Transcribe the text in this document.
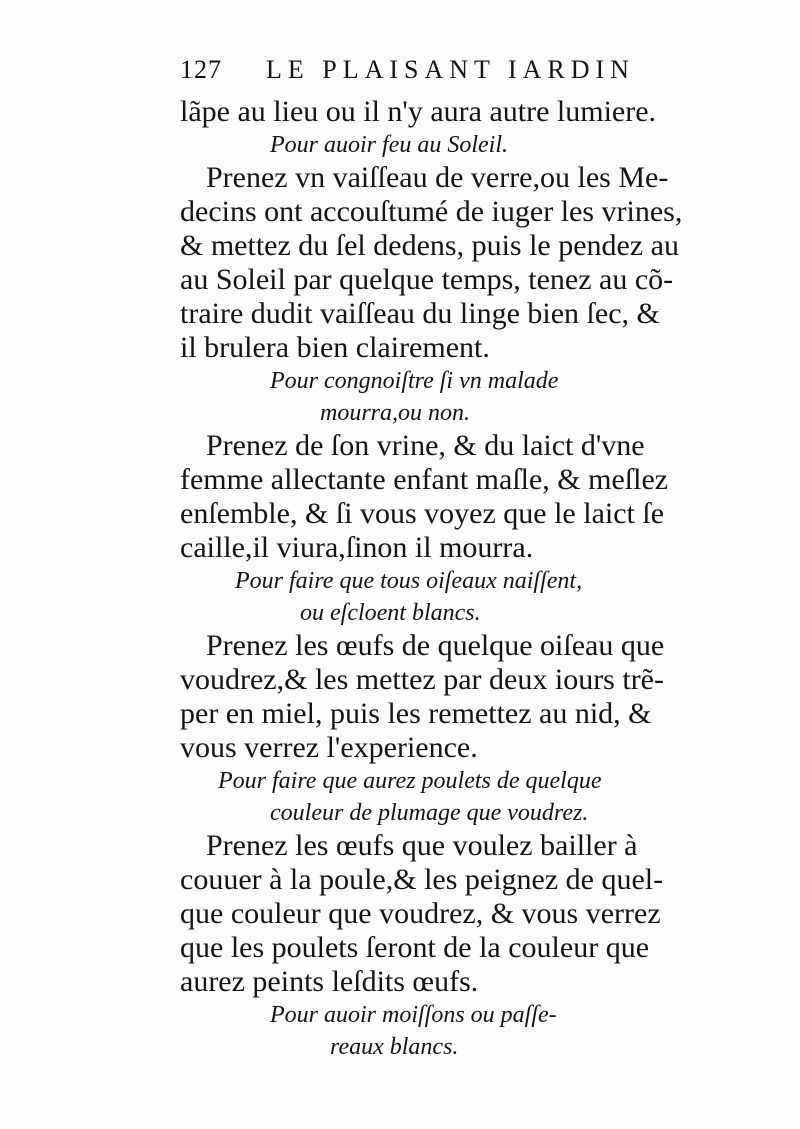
127 LE PLAISANT IARDIN
lãpe au lieu ou il n'y aura autre lumiere.
Pour auoir feu au Soleil.
Prenez vn vaiſſeau de verre,ou les Me-
decins ont accouſtumé de iuger les vrines,
& mettez du ſel dedens, puis le pendez au
au Soleil par quelque temps, tenez au cõ-
traire dudit vaiſſeau du linge bien ſec, &
il brulera bien clairement.
Pour congnoiſtre ſi vn malade
mourra,ou non.
Prenez de ſon vrine, & du laict d'vne
femme allectante enfant maſle, & meſlez
enſemble, & ſi vous voyez que le laict ſe
caille,il viura,ſinon il mourra.
Pour faire que tous oiſeaux naiſſent,
ou eſcloent blancs.
Prenez les œufs de quelque oiſeau que
voudrez,& les mettez par deux iours trẽ-
per en miel, puis les remettez au nid, &
vous verrez l'experience.
Pour faire que aurez poulets de quelque
couleur de plumage que voudrez.
Prenez les œufs que voulez bailler à
couuer à la poule,& les peignez de quel-
que couleur que voudrez, & vous verrez
que les poulets ſeront de la couleur que
aurez peints leſdits œufs.
Pour auoir moiſſons ou paſſe-
reaux blancs.
